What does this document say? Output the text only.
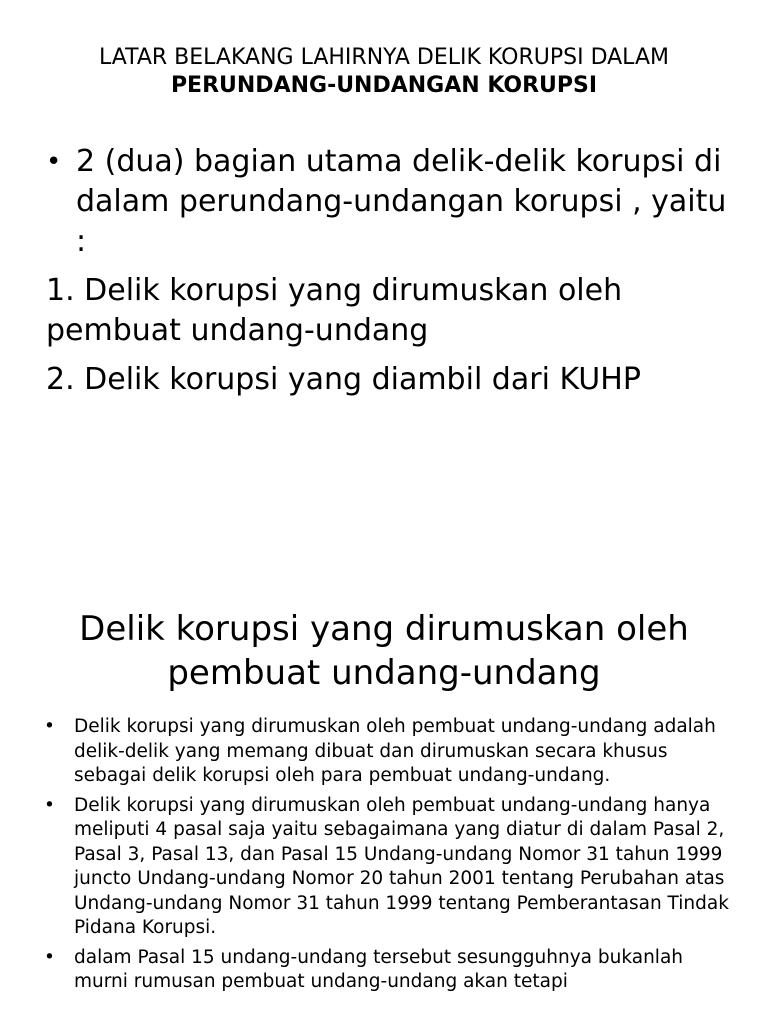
LATAR BELAKANG LAHIRNYA DELIK KORUPSI DALAM
PERUNDANG-UNDANGAN KORUPSI
• 2 (dua) bagian utama delik-delik korupsi di dalam perundang-undangan korupsi , yaitu :
1. Delik korupsi yang dirumuskan oleh pembuat undang-undang
2. Delik korupsi yang diambil dari KUHP
Delik korupsi yang dirumuskan oleh pembuat undang-undang
•	Delik korupsi yang dirumuskan oleh pembuat undang-undang adalah delik-delik yang memang dibuat dan dirumuskan secara khusus sebagai delik korupsi oleh para pembuat undang-undang.
•	Delik korupsi yang dirumuskan oleh pembuat undang-undang hanya meliputi 4 pasal saja yaitu sebagaimana yang diatur di dalam Pasal 2, Pasal 3, Pasal 13, dan Pasal 15 Undang-undang Nomor 31 tahun 1999 juncto Undang-undang Nomor 20 tahun 2001 tentang Perubahan atas Undang-undang Nomor 31 tahun 1999 tentang Pemberantasan Tindak Pidana Korupsi.
•	dalam Pasal 15 undang-undang tersebut sesungguhnya bukanlah murni rumusan pembuat undang-undang akan tetapi
